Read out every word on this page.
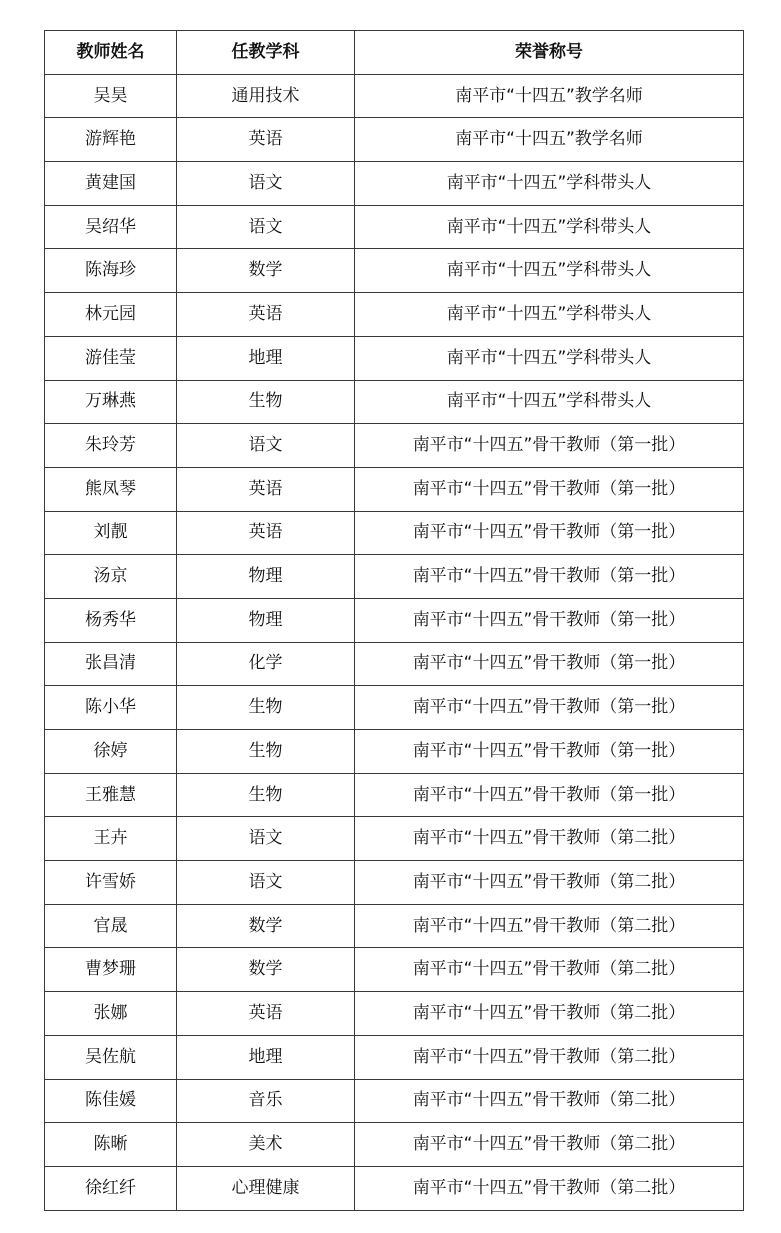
教师姓名	任教学科	荣誉称号
吴昊	通用技术	南平市“十四五”教学名师
游辉艳	英语	南平市“十四五”教学名师
黄建国	语文	南平市“十四五”学科带头人
吴绍华	语文	南平市“十四五”学科带头人
陈海珍	数学	南平市“十四五”学科带头人
林元园	英语	南平市“十四五”学科带头人
游佳莹	地理	南平市“十四五”学科带头人
万琳燕	生物	南平市“十四五”学科带头人
朱玲芳	语文	南平市“十四五”骨干教师（第一批）
熊凤琴	英语	南平市“十四五”骨干教师（第一批）
刘靓	英语	南平市“十四五”骨干教师（第一批）
汤京	物理	南平市“十四五”骨干教师（第一批）
杨秀华	物理	南平市“十四五”骨干教师（第一批）
张昌清	化学	南平市“十四五”骨干教师（第一批）
陈小华	生物	南平市“十四五”骨干教师（第一批）
徐婷	生物	南平市“十四五”骨干教师（第一批）
王雅慧	生物	南平市“十四五”骨干教师（第一批）
王卉	语文	南平市“十四五”骨干教师（第二批）
许雪娇	语文	南平市“十四五”骨干教师（第二批）
官晟	数学	南平市“十四五”骨干教师（第二批）
曹梦珊	数学	南平市“十四五”骨干教师（第二批）
张娜	英语	南平市“十四五”骨干教师（第二批）
吴佐航	地理	南平市“十四五”骨干教师（第二批）
陈佳媛	音乐	南平市“十四五”骨干教师（第二批）
陈晰	美术	南平市“十四五”骨干教师（第二批）
徐红纤	心理健康	南平市“十四五”骨干教师（第二批）
